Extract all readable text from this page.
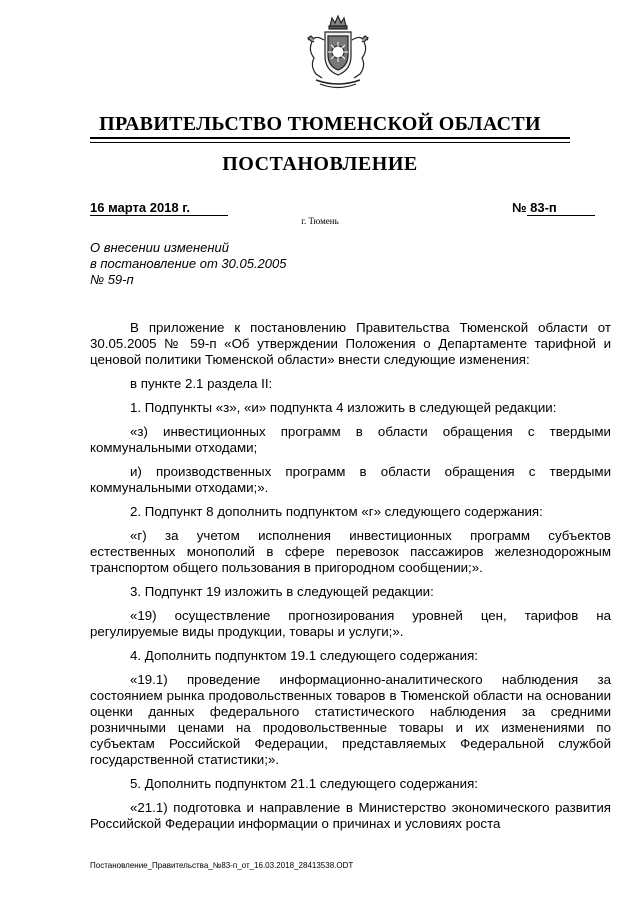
ПРАВИТЕЛЬСТВО ТЮМЕНСКОЙ ОБЛАСТИ
ПОСТАНОВЛЕНИЕ
16 марта 2018 г.
г. Тюмень
№ 83-п
О внесении изменений
в постановление от 30.05.2005
№ 59-п

В приложение к постановлению Правительства Тюменской области от 30.05.2005 № 59-п «Об утверждении Положения о Департаменте тарифной и ценовой политики Тюменской области» внести следующие изменения:

в пункте 2.1 раздела II:

1. Подпункты «з», «и» подпункта 4 изложить в следующей редакции:

«з) инвестиционных программ в области обращения с твердыми коммунальными отходами;

и) производственных программ в области обращения с твердыми коммунальными отходами;».

2. Подпункт 8 дополнить подпунктом «г» следующего содержания:

«г) за учетом исполнения инвестиционных программ субъектов естественных монополий в сфере перевозок пассажиров железнодорожным транспортом общего пользования в пригородном сообщении;».

3. Подпункт 19 изложить в следующей редакции:

«19) осуществление прогнозирования уровней цен, тарифов на регулируемые виды продукции, товары и услуги;».

4. Дополнить подпунктом 19.1 следующего содержания:

«19.1) проведение информационно-аналитического наблюдения за состоянием рынка продовольственных товаров в Тюменской области на основании оценки данных федерального статистического наблюдения за средними розничными ценами на продовольственные товары и их изменениями по субъектам Российской Федерации, представляемых Федеральной службой государственной статистики;».

5. Дополнить подпунктом 21.1 следующего содержания:

«21.1) подготовка и направление в Министерство экономического развития Российской Федерации информации о причинах и условиях роста

Постановление_Правительства_№83-п_от_16.03.2018_28413538.ODT
